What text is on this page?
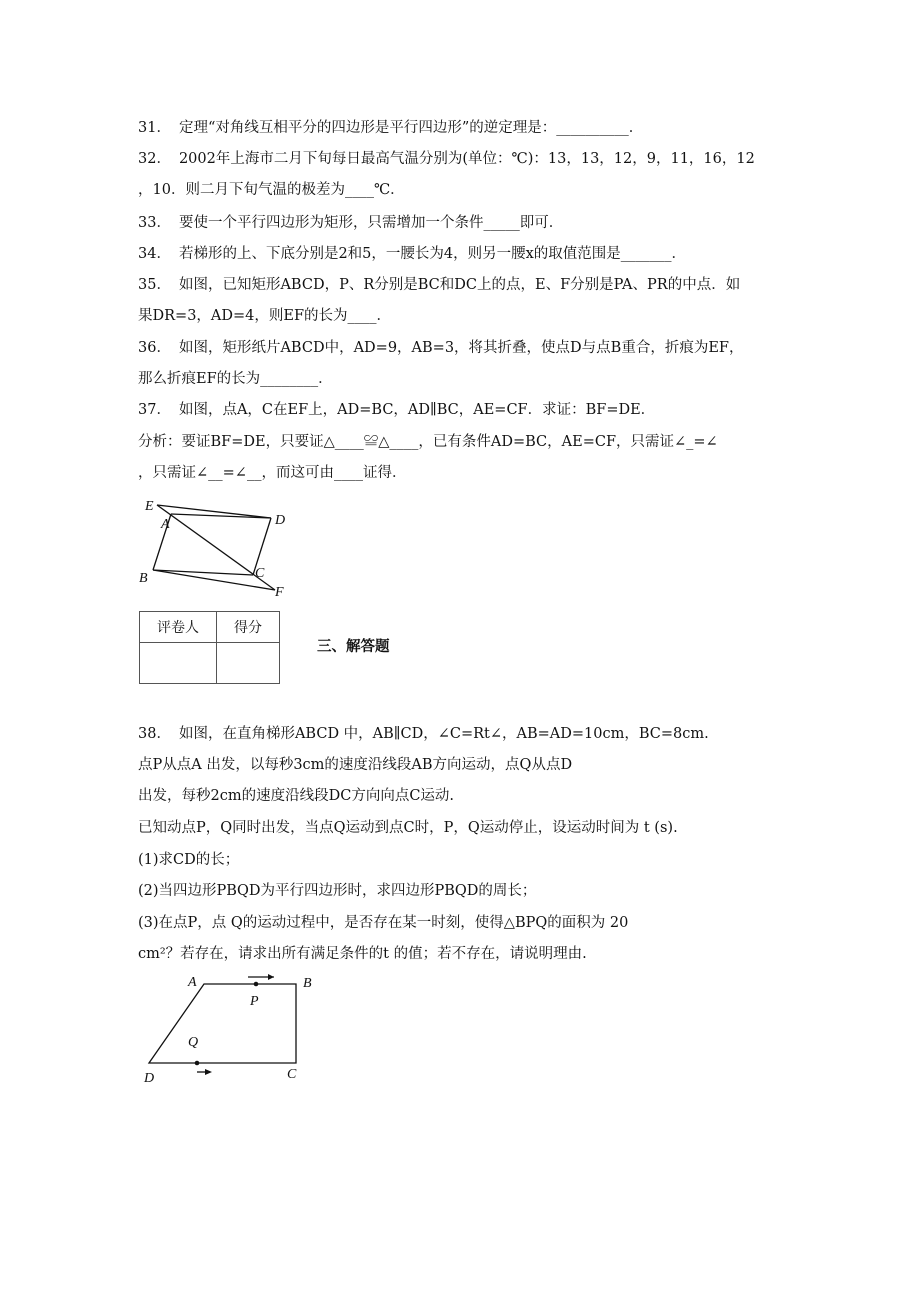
31． 定理“对角线互相平分的四边形是平行四边形”的逆定理是：__________．
32． 2002年上海市二月下旬每日最高气温分别为(单位：℃)：13，13，12，9，11，16，12
，10．则二月下旬气温的极差为____℃．
33． 要使一个平行四边形为矩形，只需增加一个条件_____即可．
34． 若梯形的上、下底分别是2和5，一腰长为4，则另一腰x的取值范围是_______．
35． 如图，已知矩形ABCD，P、R分别是BC和DC上的点，E、F分别是PA、PR的中点．如
果DR=3，AD=4，则EF的长为____．
36． 如图，矩形纸片ABCD中，AD=9，AB=3，将其折叠，使点D与点B重合，折痕为EF，
那么折痕EF的长为________．
37． 如图，点A，C在EF上，AD=BC，AD∥BC，AE=CF．求证：BF=DE．
分析：要证BF=DE，只要证△____≌△____，已有条件AD=BC，AE=CF，只需证∠_=∠
，只需证∠__=∠__，而这可由____证得．
E
A	D
B	C
F
评卷人	得分

三、解答题
38． 如图，在直角梯形ABCD 中，AB∥CD，∠C=Rt∠，AB=AD=10cm，BC=8cm.
点P从点A 出发，以每秒3cm的速度沿线段AB方向运动，点Q从点D
出发，每秒2cm的速度沿线段DC方向向点C运动.
已知动点P，Q同时出发，当点Q运动到点C时，P，Q运动停止，设运动时间为 t (s).
(1)求CD的长；
(2)当四边形PBQD为平行四边形时，求四边形PBQD的周长；
(3)在点P，点 Q的运动过程中，是否存在某一时刻，使得△BPQ的面积为 20
cm²？若存在，请求出所有满足条件的t 的值；若不存在，请说明理由.
A	B
P
Q
D	C
